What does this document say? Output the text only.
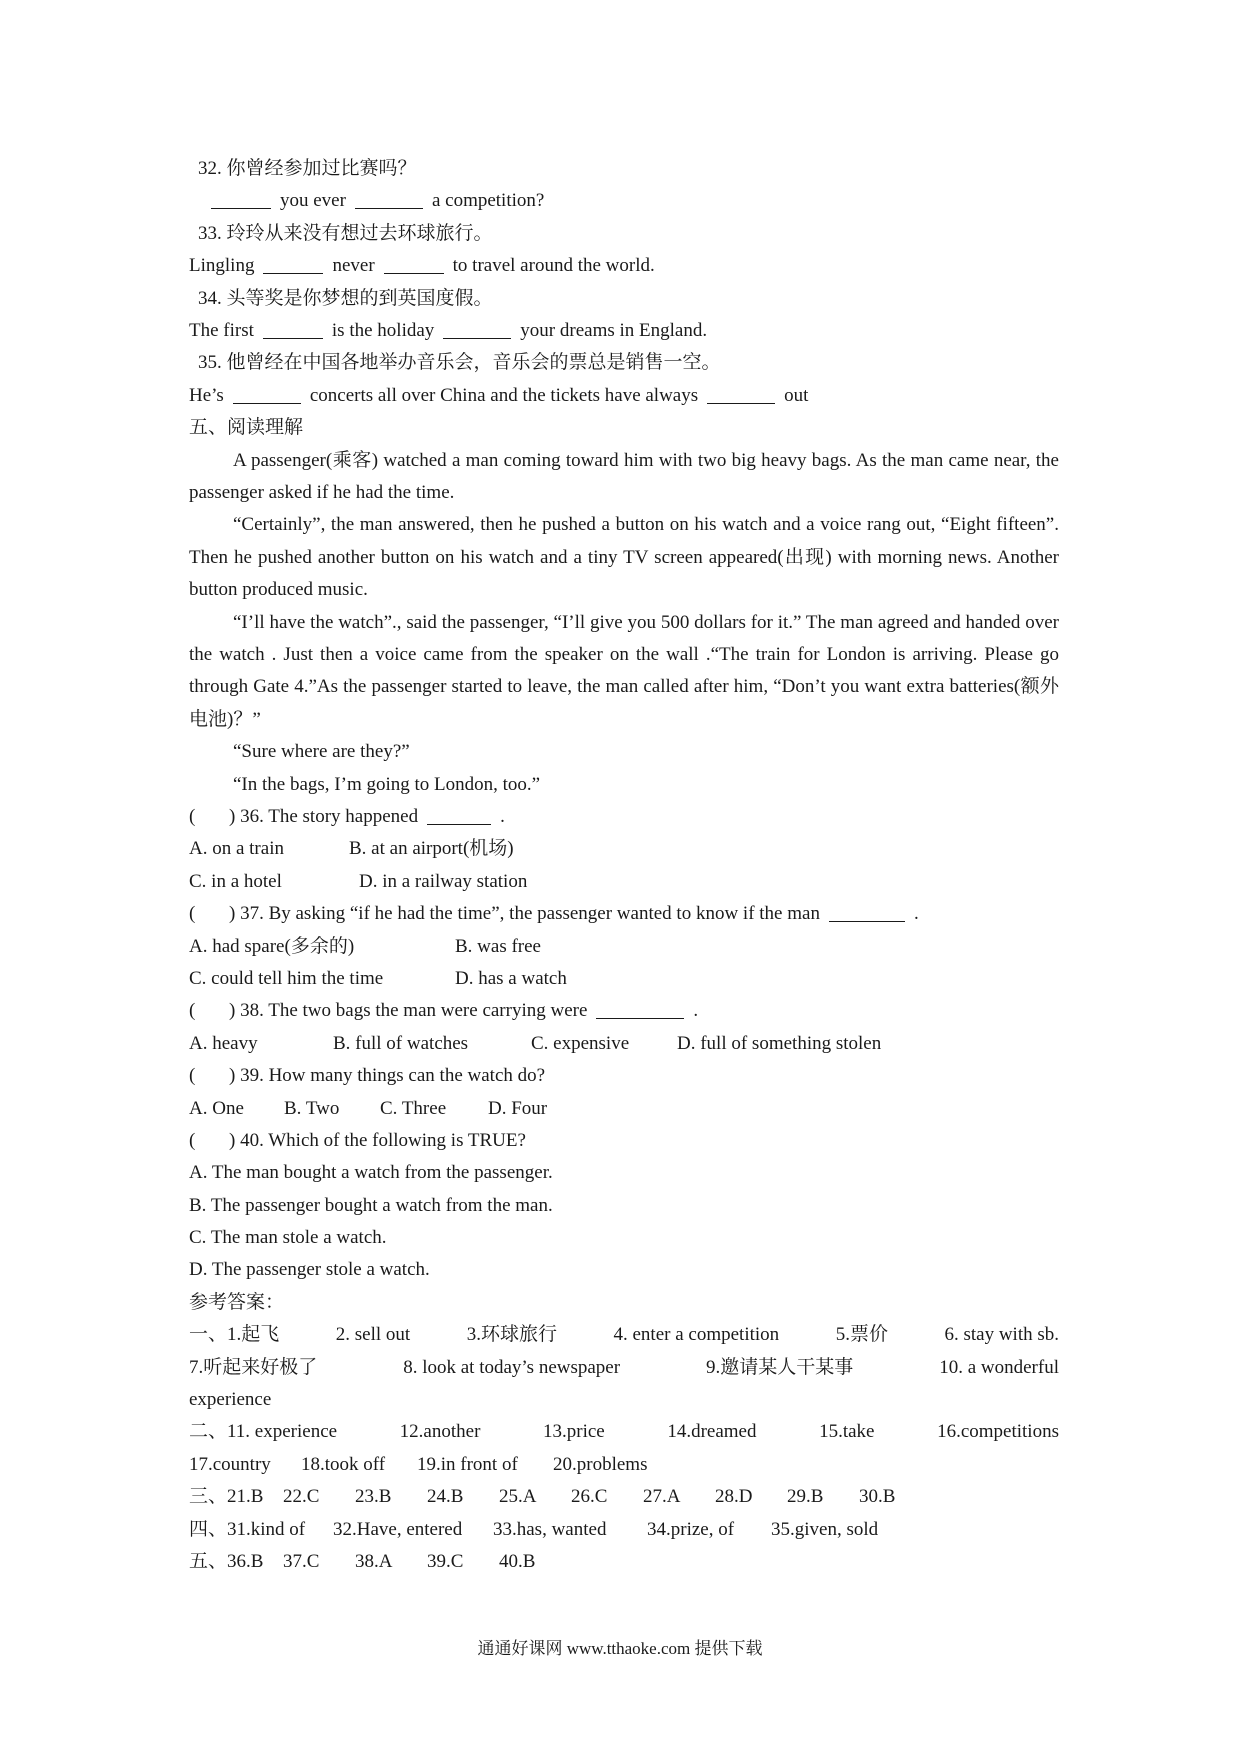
32. 你曾经参加过比赛吗？
you ever	a competition?
33. 玲玲从来没有想过去环球旅行。
Lingling	never	to travel around the world.
34. 头等奖是你梦想的到英国度假。
The first	is the holiday	your dreams in England.
35. 他曾经在中国各地举办音乐会，音乐会的票总是销售一空。
He’s	concerts all over China and the tickets have always	out
五、阅读理解

A passenger(乘客) watched a man coming toward him with two big heavy bags. As the man came near, the passenger asked if he had the time.

“Certainly”, the man answered, then he pushed a button on his watch and a voice rang out, “Eight fifteen”. Then he pushed another button on his watch and a tiny TV screen appeared(出现) with morning news. Another button produced music.

“I’ll have the watch”., said the passenger, “I’ll give you 500 dollars for it.” The man agreed and handed over the watch . Just then a voice came from the speaker on the wall .“The train for London is arriving. Please go through Gate 4.”As the passenger started to leave, the man called after him, “Don’t you want extra batteries(额外电池)？”

“Sure where are they?”

“In the bags, I’m going to London, too.”

( ) 36. The story happened	.
A. on a train	B. at an airport(机场)
C. in a hotel	D. in a railway station
( ) 37. By asking “if he had the time”, the passenger wanted to know if the man	.
A. had spare(多余的)	B. was free
C. could tell him the time	D. has a watch
( ) 38. The two bags the man were carrying were	.
A. heavy	B. full of watches	C. expensive	D. full of something stolen
( ) 39. How many things can the watch do?
A. One	B. Two	C. Three	D. Four
( ) 40. Which of the following is TRUE?
A. The man bought a watch from the passenger.
B. The passenger bought a watch from the man.
C. The man stole a watch.
D. The passenger stole a watch.
参考答案：
一、1.起飞	2. sell out	3.环球旅行	4. enter a competition	5.票价	6. stay with sb.
7.听起来好极了	8. look at today’s newspaper	9.邀请某人干某事	10. a wonderful
experience
二、11. experience	12.another	13.price	14.dreamed	15.take	16.competitions
17.country	18.took off	19.in front of	20.problems
三、21.B	22.C	23.B	24.B	25.A	26.C	27.A	28.D	29.B	30.B
四、31.kind of	32.Have, entered	33.has, wanted	34.prize, of	35.given, sold
五、36.B	37.C	38.A	39.C	40.B
通通好课网 www.tthaoke.com 提供下载
